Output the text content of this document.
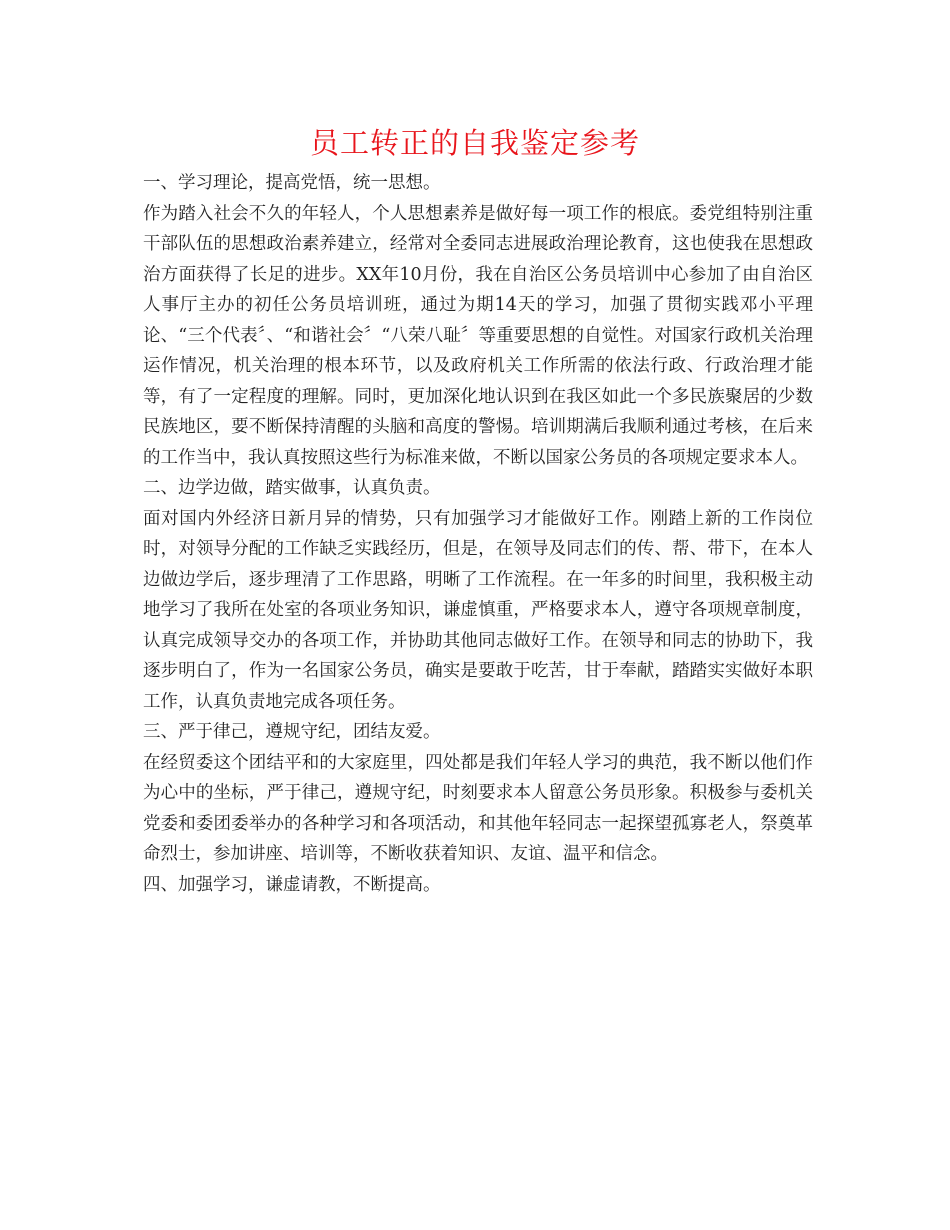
员工转正的自我鉴定参考

一、学习理论，提高党悟，统一思想。

作为踏入社会不久的年轻人，个人思想素养是做好每一项工作的根底。委党组特别注重干部队伍的思想政治素养建立，经常对全委同志进展政治理论教育，这也使我在思想政治方面获得了长足的进步。XX年10月份，我在自治区公务员培训中心参加了由自治区人事厅主办的初任公务员培训班，通过为期14天的学习，加强了贯彻实践邓小平理论、“三个代表〞、“和谐社会〞“八荣八耻〞等重要思想的自觉性。对国家行政机关治理运作情况，机关治理的根本环节，以及政府机关工作所需的依法行政、行政治理才能等，有了一定程度的理解。同时，更加深化地认识到在我区如此一个多民族聚居的少数民族地区，要不断保持清醒的头脑和高度的警惕。培训期满后我顺利通过考核，在后来的工作当中，我认真按照这些行为标准来做，不断以国家公务员的各项规定要求本人。

二、边学边做，踏实做事，认真负责。

面对国内外经济日新月异的情势，只有加强学习才能做好工作。刚踏上新的工作岗位时，对领导分配的工作缺乏实践经历，但是，在领导及同志们的传、帮、带下，在本人边做边学后，逐步理清了工作思路，明晰了工作流程。在一年多的时间里，我积极主动地学习了我所在处室的各项业务知识，谦虚慎重，严格要求本人，遵守各项规章制度，认真完成领导交办的各项工作，并协助其他同志做好工作。在领导和同志的协助下，我逐步明白了，作为一名国家公务员，确实是要敢于吃苦，甘于奉献，踏踏实实做好本职工作，认真负责地完成各项任务。

三、严于律己，遵规守纪，团结友爱。

在经贸委这个团结平和的大家庭里，四处都是我们年轻人学习的典范，我不断以他们作为心中的坐标，严于律己，遵规守纪，时刻要求本人留意公务员形象。积极参与委机关党委和委团委举办的各种学习和各项活动，和其他年轻同志一起探望孤寡老人，祭奠革命烈士，参加讲座、培训等，不断收获着知识、友谊、温平和信念。

四、加强学习，谦虚请教，不断提高。
